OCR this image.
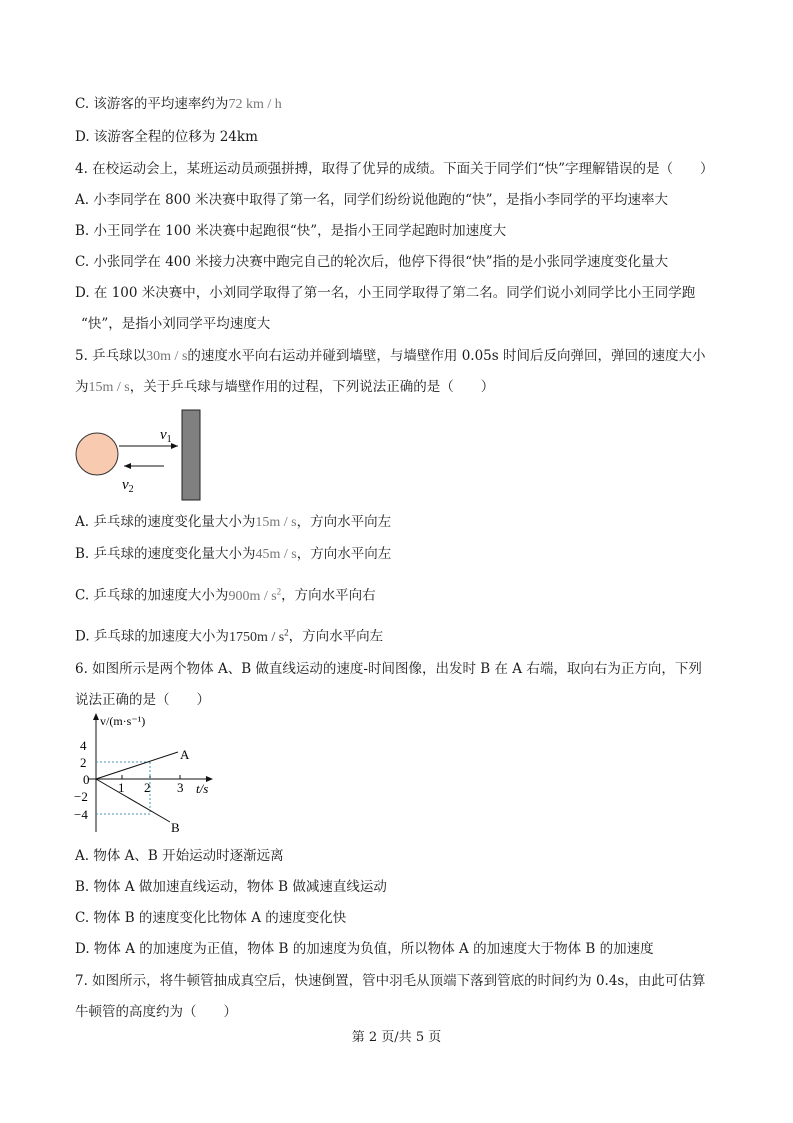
C. 该游客的平均速率约为72 km / h
D. 该游客全程的位移为 24km
4. 在校运动会上，某班运动员顽强拼搏，取得了优异的成绩。下面关于同学们“快”字理解错误的是（　　）
A. 小李同学在 800 米决赛中取得了第一名，同学们纷纷说他跑的“快”，是指小李同学的平均速率大
B. 小王同学在 100 米决赛中起跑很“快”，是指小王同学起跑时加速度大
C. 小张同学在 400 米接力决赛中跑完自己的轮次后，他停下得很“快”指的是小张同学速度变化量大
D. 在 100 米决赛中，小刘同学取得了第一名，小王同学取得了第二名。同学们说小刘同学比小王同学跑
“快”，是指小刘同学平均速度大
5. 乒乓球以30m / s的速度水平向右运动并碰到墙壁，与墙壁作用 0.05s 时间后反向弹回，弹回的速度大小
为15m / s，关于乒乓球与墙壁作用的过程，下列说法正确的是（　　）
$v_1$
$v_2$
A. 乒乓球的速度变化量大小为15m / s，方向水平向左
B. 乒乓球的速度变化量大小为45m / s，方向水平向左
C. 乒乓球的加速度大小为$900m / s^2$，方向水平向右
D. 乒乓球的加速度大小为$1750m / s^2$，方向水平向左
6. 如图所示是两个物体 A、B 做直线运动的速度-时间图像，出发时 B 在 A 右端，取向右为正方向，下列
说法正确的是（　　）
v/(m·s⁻¹)
t/s
4
2
0
−2
−4
1 2 3
A
B
A. 物体 A、B 开始运动时逐渐远离
B. 物体 A 做加速直线运动，物体 B 做减速直线运动
C. 物体 B 的速度变化比物体 A 的速度变化快
D. 物体 A 的加速度为正值，物体 B 的加速度为负值，所以物体 A 的加速度大于物体 B 的加速度
7. 如图所示，将牛顿管抽成真空后，快速倒置，管中羽毛从顶端下落到管底的时间约为 0.4s，由此可估算
牛顿管的高度约为（　　）
第 2 页/共 5 页
